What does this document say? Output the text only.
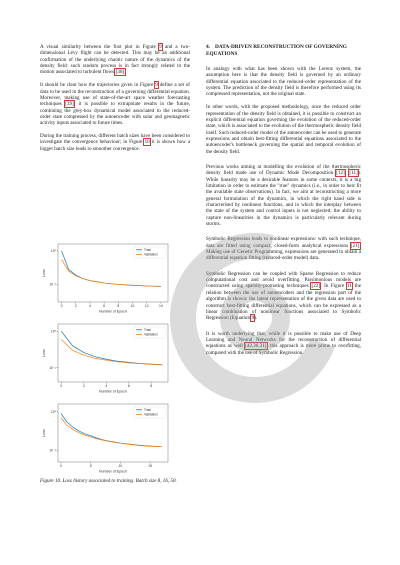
A visual similarity between the first plot in Figure 9 and a two-dimensional Lévy flight can be detected. This may be an additional confirmation of the underlying chaotic nature of the dynamics of the density field: such random process is in fact strongly related to the motion associated to turbulent flows [38].

It should be clear how the trajectories given in Figure 9 define a set of data to be used in the reconstruction of a governing differential equation. Moreover, making use of state-of-the-art space weather forecasting techniques [39], it is possible to extrapolate results in the future, combining the grey-box dynamical model associated to the reduced-order state compressed by the autoencoder with solar and geomagnetic activity inputs associated to future times.

During the training process, different batch sizes have been considered to investigate the convergence behaviour; in Figure 10 it is shown how a bigger batch size leads to smoother convergence.

0	2	4	6	8	10	12	14
10⁰
10⁻¹
Number of Epoch
Loss
Train
Validation
0	2	4	6	8
10⁰
10⁻¹
Number of Epoch
Loss
Train
Validation
0	5	10	15
10⁰
10⁻¹
Number of Epoch
Loss
Train
Validation
Figure 10. Loss history associated to training. Batch size 8, 16, 50.
4. DATA-DRIVEN RECONSTRUCTION OF GOVERNING EQUATIONS

In analogy with what has been shown with the Lorenz system, the assumption here is that the density field is governed by an ordinary differential equation associated to the reduced-order representation of the system. The prediction of the density field is therefore performed using its compressed representation, not the original state.

In other words, with the proposed methodology, once the reduced order representation of the density field is obtained, it is possible to construct an explicit differential equation governing the evolution of the reduced-order state, which is associated to the evolution of the thermospheric density field itself. Such reduced-order model of the autoencoder can be used to generate expressions and obtain best-fitting differential equations associated to the autoencoder's bottleneck governing the spatial and temporal evolution of the density field.

Previous works aiming at modelling the evolution of the thermospheric density field made use of Dynamic Mode Decomposition [12], [11]). While linearity may be a desirable features in some contexts, it is a big limitation in order to estimate the "true" dynamics (i.e., in order to best fit the available state observations). In fact, we aim at reconstructing a more general formulation of the dynamics, in which the right hand side is characterised by nonlinear functions, and in which the interplay between the state of the system and control inputs is not neglected; the ability to capture non-linearities in the dynamics is particularly relevant during storms.

Symbolic Regression leads to nonlinear expressions: with such technique, data are fitted using compact, closed-form analytical expressions [21]. Making use of Genetic Programming, expressions are generated to obtain a differential equation fitting (reduced-order model) data.

Symbolic Regression can be coupled with Sparse Regression to reduce computational cost and avoid overfitting. Parsimonious models are constructed using sparsity-promoting techniques [22]. In Figure 11 the relation between the use of autoencoders and the regression part of the algorithm is shown: the latent representation of the given data are used to construct best-fitting differential equations, which can be expressed as a linear combination of nonlinear functions associated to Symbolic Regression (Equation 9).

It is worth underlying that, while it is possible to make use of Deep Learning and Neural Networks for the reconstruction of differential equations as well [42,36,31], this approach is more prone to overfitting, compared with the use of Symbolic Regression.
